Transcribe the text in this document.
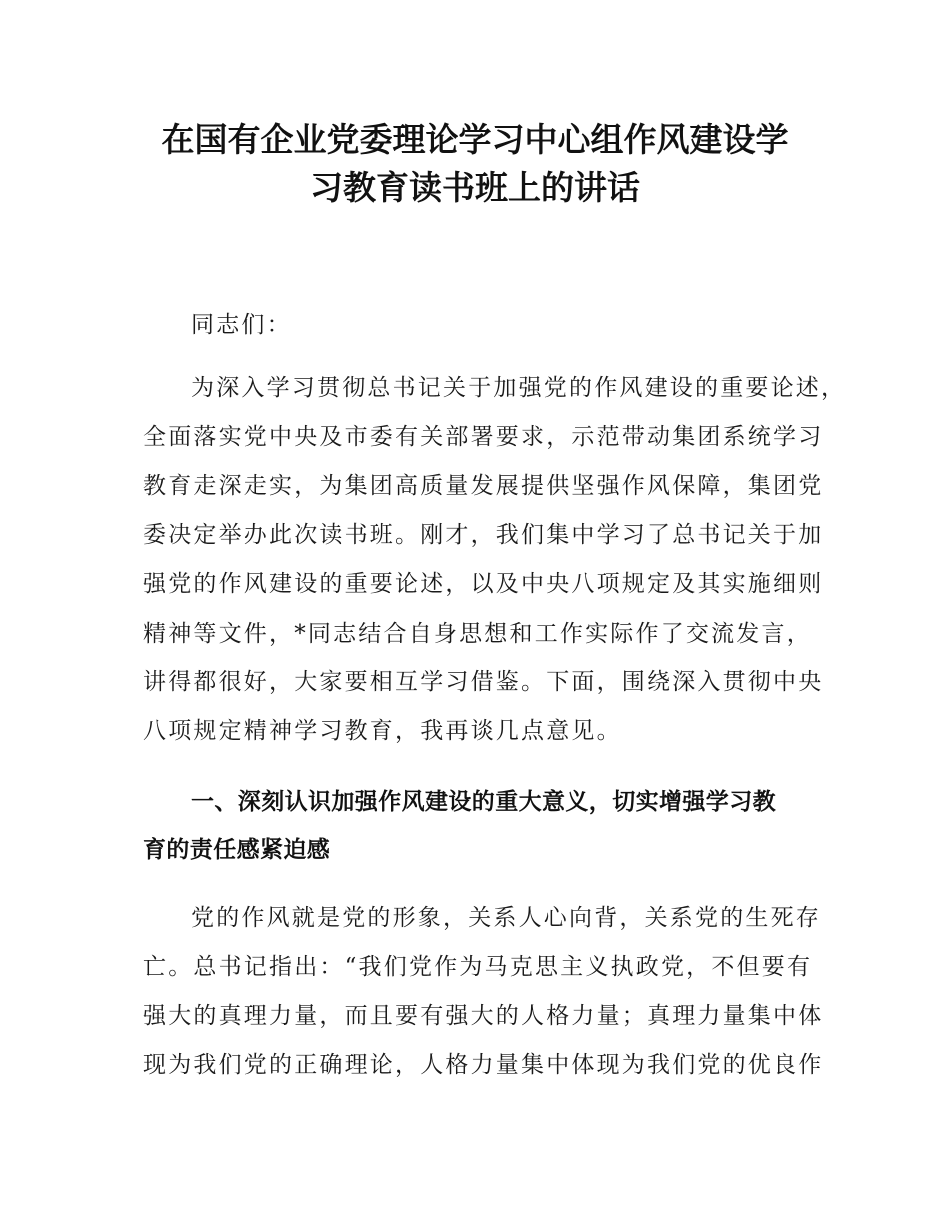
在国有企业党委理论学习中心组作风建设学
习教育读书班上的讲话

同志们：

为深入学习贯彻总书记关于加强党的作风建设的重要论述，

全面落实党中央及市委有关部署要求，示范带动集团系统学习

教育走深走实，为集团高质量发展提供坚强作风保障，集团党

委决定举办此次读书班。刚才，我们集中学习了总书记关于加

强党的作风建设的重要论述，以及中央八项规定及其实施细则

精神等文件，*同志结合自身思想和工作实际作了交流发言，

讲得都很好，大家要相互学习借鉴。下面，围绕深入贯彻中央

八项规定精神学习教育，我再谈几点意见。

一、深刻认识加强作风建设的重大意义，切实增强学习教

育的责任感紧迫感

党的作风就是党的形象，关系人心向背，关系党的生死存

亡。总书记指出：“我们党作为马克思主义执政党，不但要有

强大的真理力量，而且要有强大的人格力量；真理力量集中体

现为我们党的正确理论，人格力量集中体现为我们党的优良作
